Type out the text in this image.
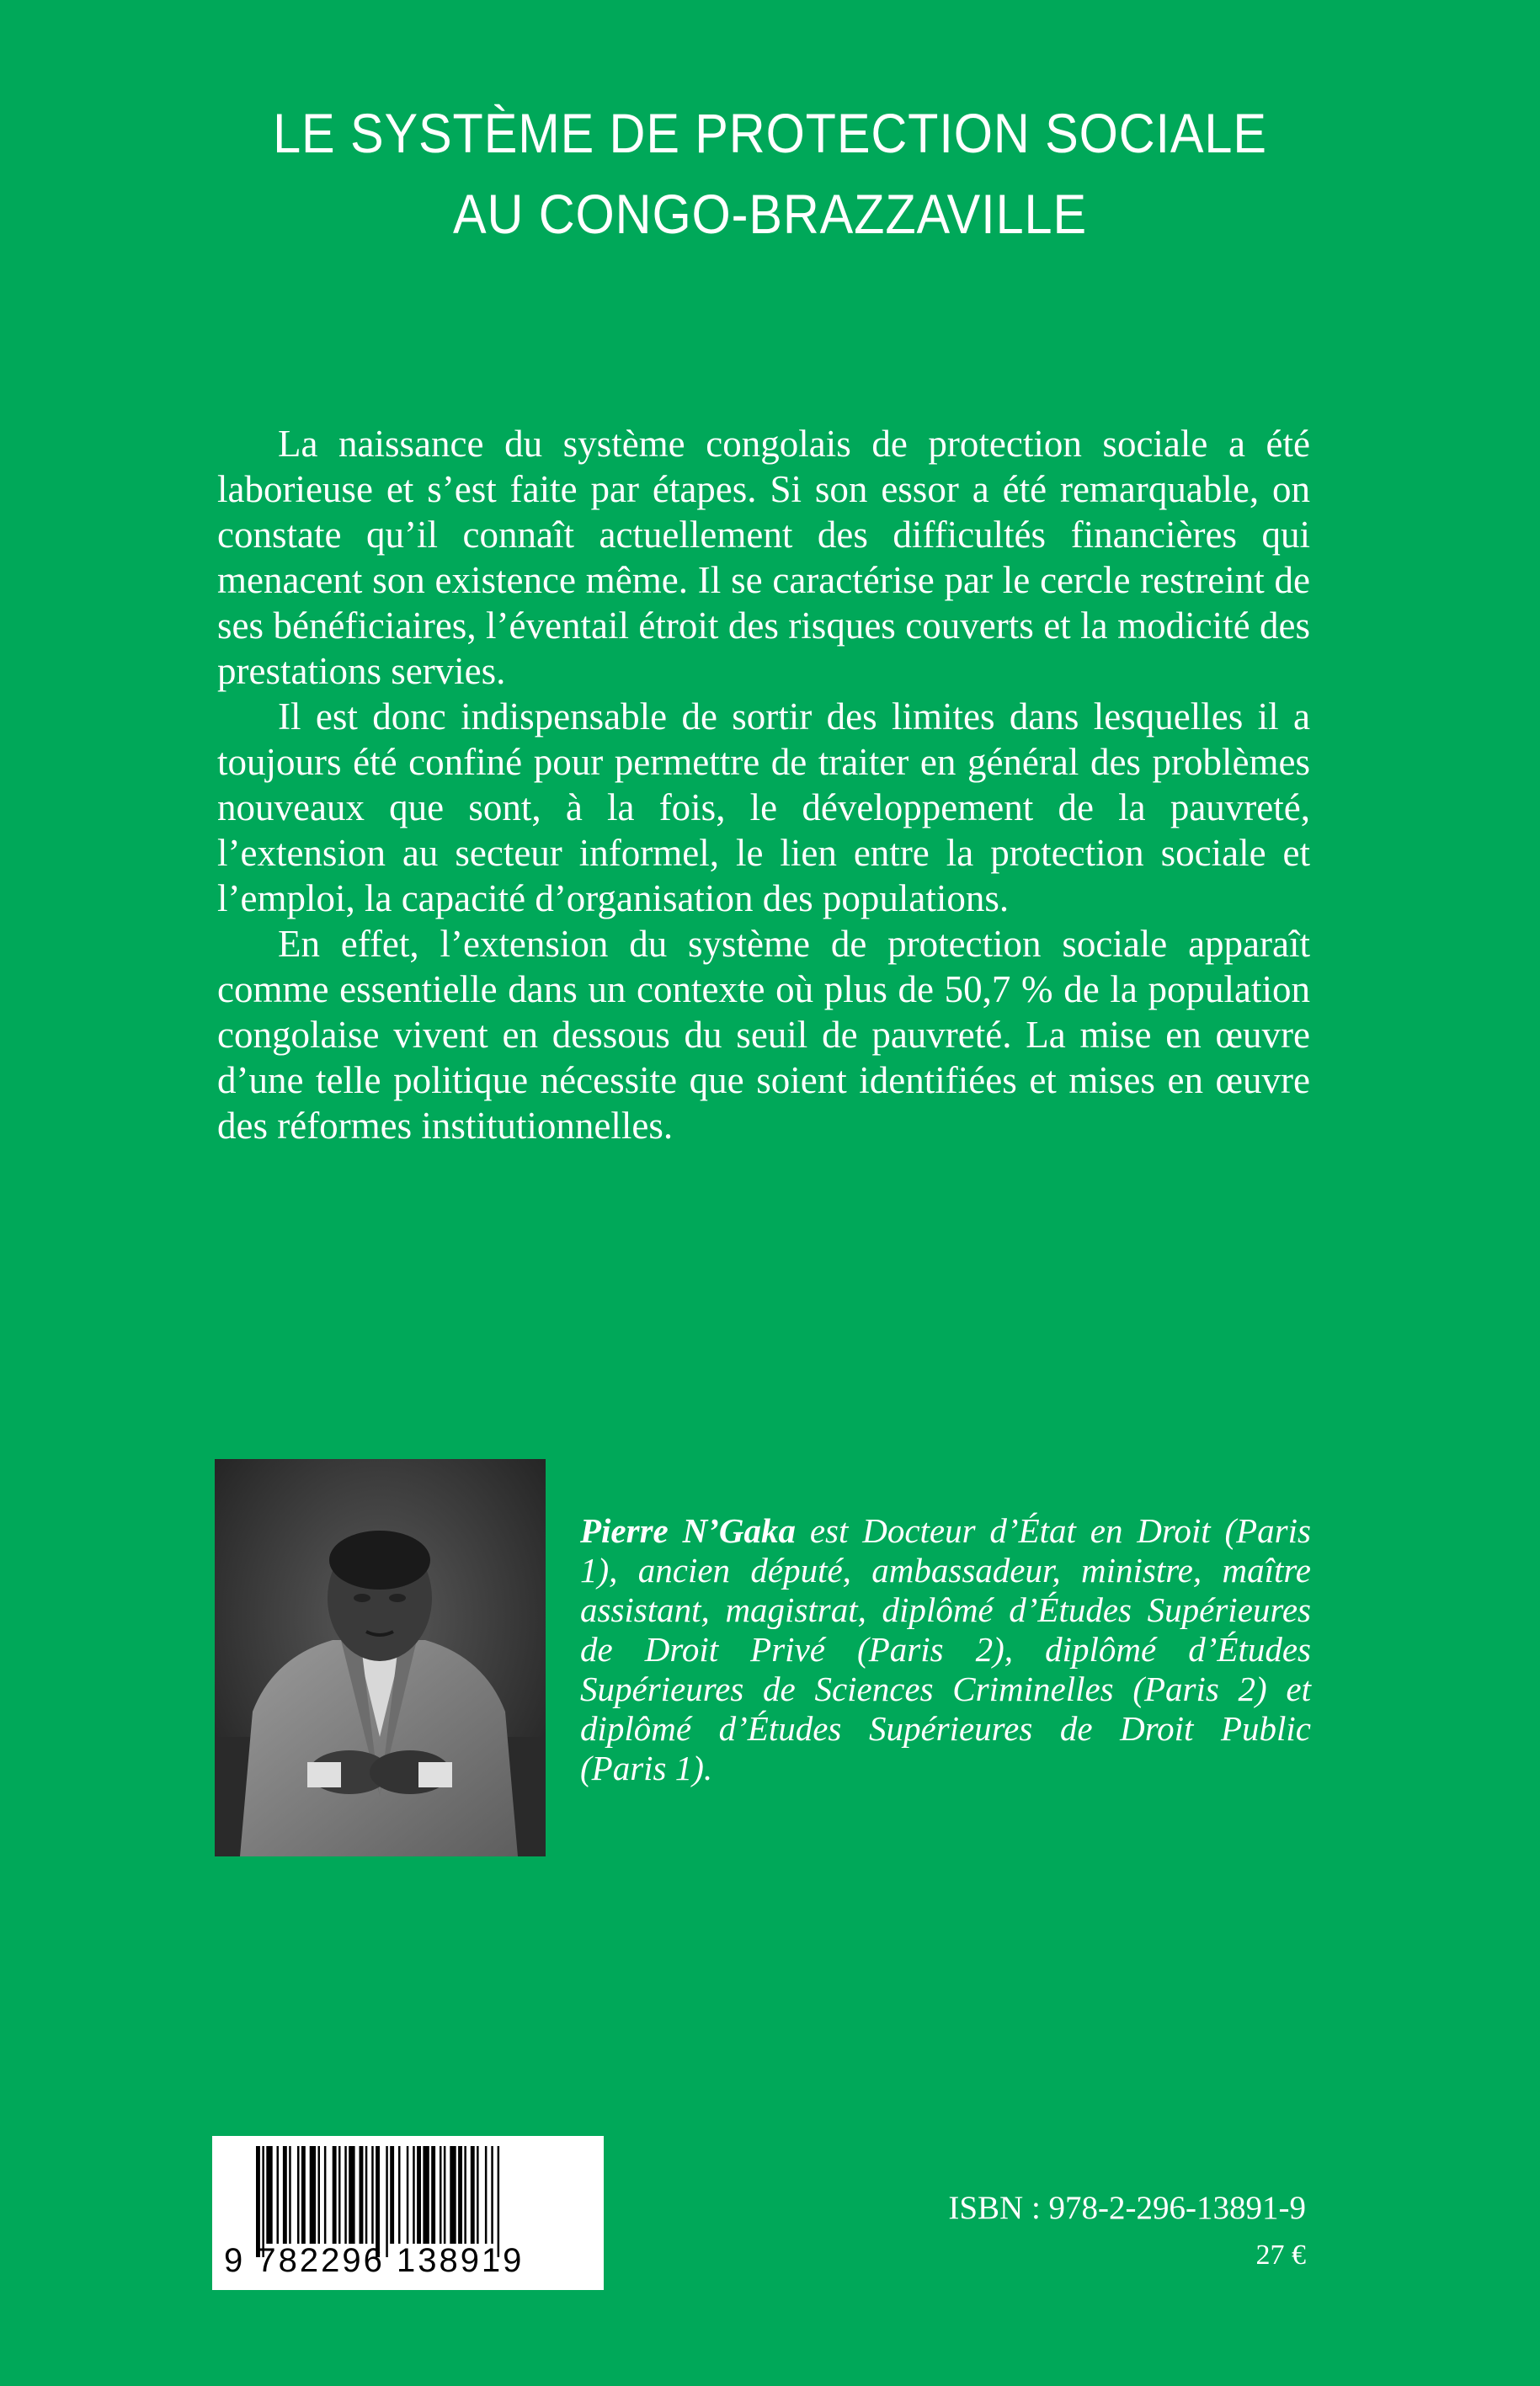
LE SYSTÈME DE PROTECTION SOCIALE
AU CONGO-BRAZZAVILLE

La naissance du système congolais de protection sociale a été laborieuse et s’est faite par étapes. Si son essor a été remarquable, on constate qu’il connaît actuellement des difficultés financières qui menacent son existence même. Il se caractérise par le cercle restreint de ses bénéficiaires, l’éventail étroit des risques couverts et la modicité des prestations servies.

Il est donc indispensable de sortir des limites dans lesquelles il a toujours été confiné pour permettre de traiter en général des problèmes nouveaux que sont, à la fois, le développement de la pauvreté, l’extension au secteur informel, le lien entre la protection sociale et l’emploi, la capacité d’organisation des populations.

En effet, l’extension du système de protection sociale apparaît comme essentielle dans un contexte où plus de 50,7 % de la population congolaise vivent en dessous du seuil de pauvreté. La mise en œuvre d’une telle politique nécessite que soient identifiées et mises en œuvre des réformes institutionnelles.

Pierre N’Gaka est Docteur d’État en Droit (Paris 1), ancien député, ambassadeur, ministre, maître assistant, magistrat, diplômé d’Études Supérieures de Droit Privé (Paris 2), diplômé d’Études Supérieures de Sciences Criminelles (Paris 2) et diplômé d’Études Supérieures de Droit Public (Paris 1).
9 782296 138919
ISBN : 978-2-296-13891-9
27 €
